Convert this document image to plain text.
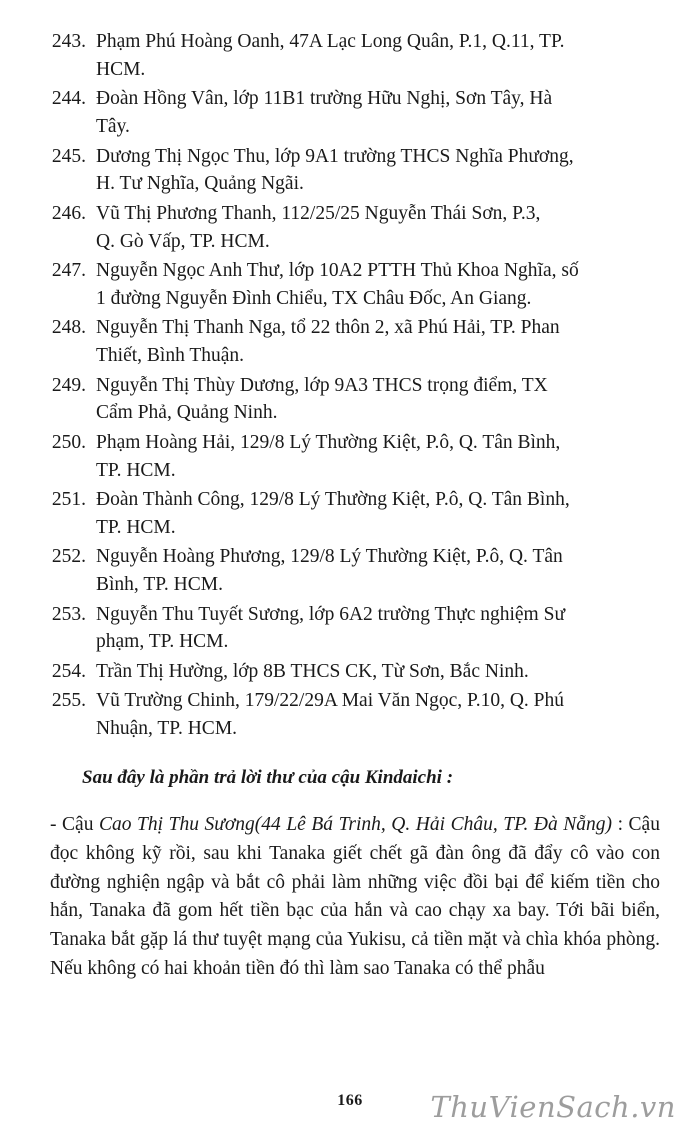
243. Phạm Phú Hoàng Oanh, 47A Lạc Long Quân, P.1, Q.11, TP.
HCM.
244. Đoàn Hồng Vân, lớp 11B1 trường Hữu Nghị, Sơn Tây, Hà
Tây.
245. Dương Thị Ngọc Thu, lớp 9A1 trường THCS Nghĩa Phương,
H. Tư Nghĩa, Quảng Ngãi.
246. Vũ Thị Phương Thanh, 112/25/25 Nguyễn Thái Sơn, P.3,
Q. Gò Vấp, TP. HCM.
247. Nguyễn Ngọc Anh Thư, lớp 10A2 PTTH Thủ Khoa Nghĩa, số
1 đường Nguyễn Đình Chiểu, TX Châu Đốc, An Giang.
248. Nguyễn Thị Thanh Nga, tổ 22 thôn 2, xã Phú Hải, TP. Phan
Thiết, Bình Thuận.
249. Nguyễn Thị Thùy Dương, lớp 9A3 THCS trọng điểm, TX
Cẩm Phả, Quảng Ninh.
250. Phạm Hoàng Hải, 129/8 Lý Thường Kiệt, P.ô, Q. Tân Bình,
TP. HCM.
251. Đoàn Thành Công, 129/8 Lý Thường Kiệt, P.ô, Q. Tân Bình,
TP. HCM.
252. Nguyễn Hoàng Phương, 129/8 Lý Thường Kiệt, P.ô, Q. Tân
Bình, TP. HCM.
253. Nguyễn Thu Tuyết Sương, lớp 6A2 trường Thực nghiệm Sư
phạm, TP. HCM.
254. Trần Thị Hường, lớp 8B THCS CK, Từ Sơn, Bắc Ninh.
255. Vũ Trường Chinh, 179/22/29A Mai Văn Ngọc, P.10, Q. Phú
Nhuận, TP. HCM.
Sau đây là phần trả lời thư của cậu Kindaichi :
- Cậu Cao Thị Thu Sương(44 Lê Bá Trinh, Q. Hải Châu, TP. Đà Nẵng) : Cậu đọc không kỹ rồi, sau khi Tanaka giết chết gã đàn ông đã đẩy cô vào con đường nghiện ngập và bắt cô phải làm những việc đồi bại để kiếm tiền cho hắn, Tanaka đã gom hết tiền bạc của hắn và cao chạy xa bay. Tới bãi biển, Tanaka bắt gặp lá thư tuyệt mạng của Yukisu, cả tiền mặt và chìa khóa phòng. Nếu không có hai khoản tiền đó thì làm sao Tanaka có thể phẫu
166	ThuVienSach.vn
